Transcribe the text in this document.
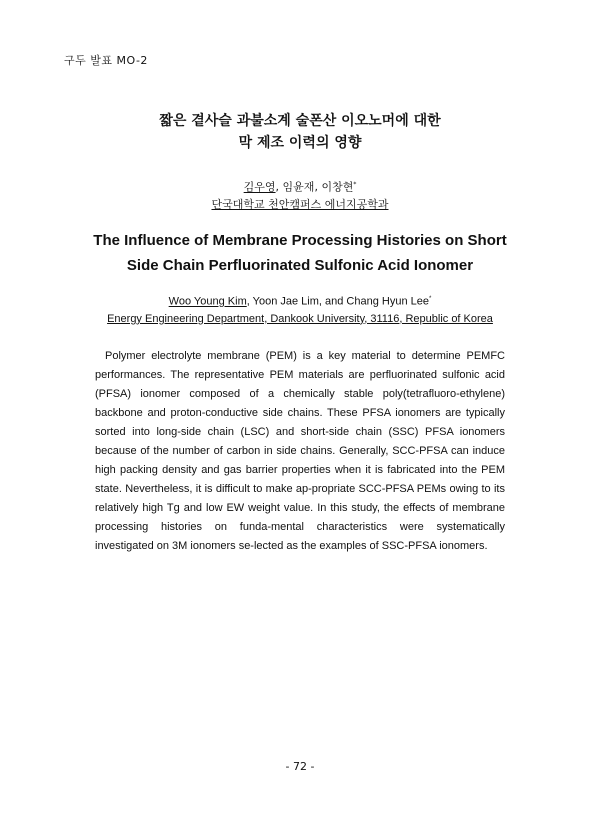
구두 발표 MO-2
짧은 곁사슬 과불소계 술폰산 이오노머에 대한
막 제조 이력의 영향
김우영, 임윤재, 이창현*
단국대학교 천안캠퍼스 에너지공학과
The Influence of Membrane Processing Histories on Short
Side Chain Perfluorinated Sulfonic Acid Ionomer
Woo Young Kim, Yoon Jae Lim, and Chang Hyun Lee*
Energy Engineering Department, Dankook University, 31116, Republic of Korea

Polymer electrolyte membrane (PEM) is a key material to determine PEMFC performances. The representative PEM materials are perfluorinated sulfonic acid (PFSA) ionomer composed of a chemically stable poly(tetrafluoro-ethylene) backbone and proton-conductive side chains. These PFSA ionomers are typically sorted into long-side chain (LSC) and short-side chain (SSC) PFSA ionomers because of the number of carbon in side chains. Generally, SCC-PFSA can induce high packing density and gas barrier properties when it is fabricated into the PEM state. Nevertheless, it is difficult to make ap-propriate SCC-PFSA PEMs owing to its relatively high Tg and low EW weight value. In this study, the effects of membrane processing histories on funda-mental characteristics were systematically investigated on 3M ionomers se-lected as the examples of SSC-PFSA ionomers.

- 72 -
